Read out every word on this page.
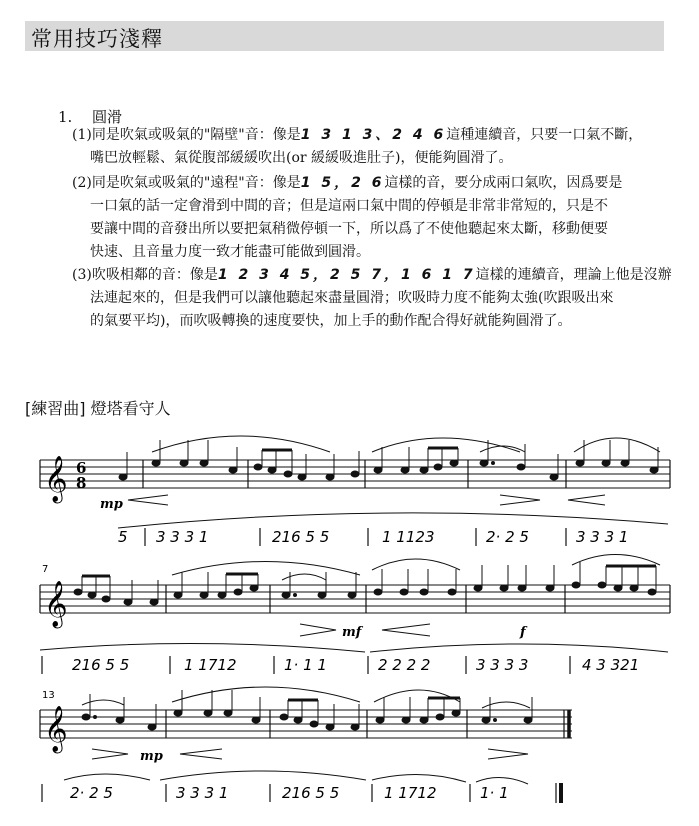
常用技巧淺釋
1. 圓滑
(1)同是吹氣或吸氣的"隔壁"音：像是1 3 1 3、2 4 6這種連續音，只要一口氣不斷，
嘴巴放輕鬆、氣從腹部緩緩吹出(or 緩緩吸進肚子)，便能夠圓滑了。
(2)同是吹氣或吸氣的"遠程"音：像是1 5，2 6這樣的音，要分成兩口氣吹，因爲要是
一口氣的話一定會滑到中間的音；但是這兩口氣中間的停頓是非常非常短的，只是不
要讓中間的音發出所以要把氣稍微停頓一下，所以爲了不使他聽起來太斷，移動便要
快速、且音量力度一致才能盡可能做到圓滑。
(3)吹吸相鄰的音：像是1 2 3 4 5，2 5 7，1 6 1 7這樣的連續音，理論上他是沒辦
法連起來的，但是我們可以讓他聽起來盡量圓滑；吹吸時力度不能夠太強(吹跟吸出來
的氣要平均)，而吹吸轉換的速度要快，加上手的動作配合得好就能夠圓滑了。
[練習曲] 燈塔看守人
𝄞 6
8
mp
5 3 3 3 1	216 5 5	1 1123	2· 2 5	3 3 3 1
7
𝄞
mf	f
216 5 5	1 1712	1· 1 1	2 2 2 2	3 3 3 3	4 3 321
13
𝄞
mp
2· 2 5	3 3 3 1	216 5 5	1 1712	1· 1
